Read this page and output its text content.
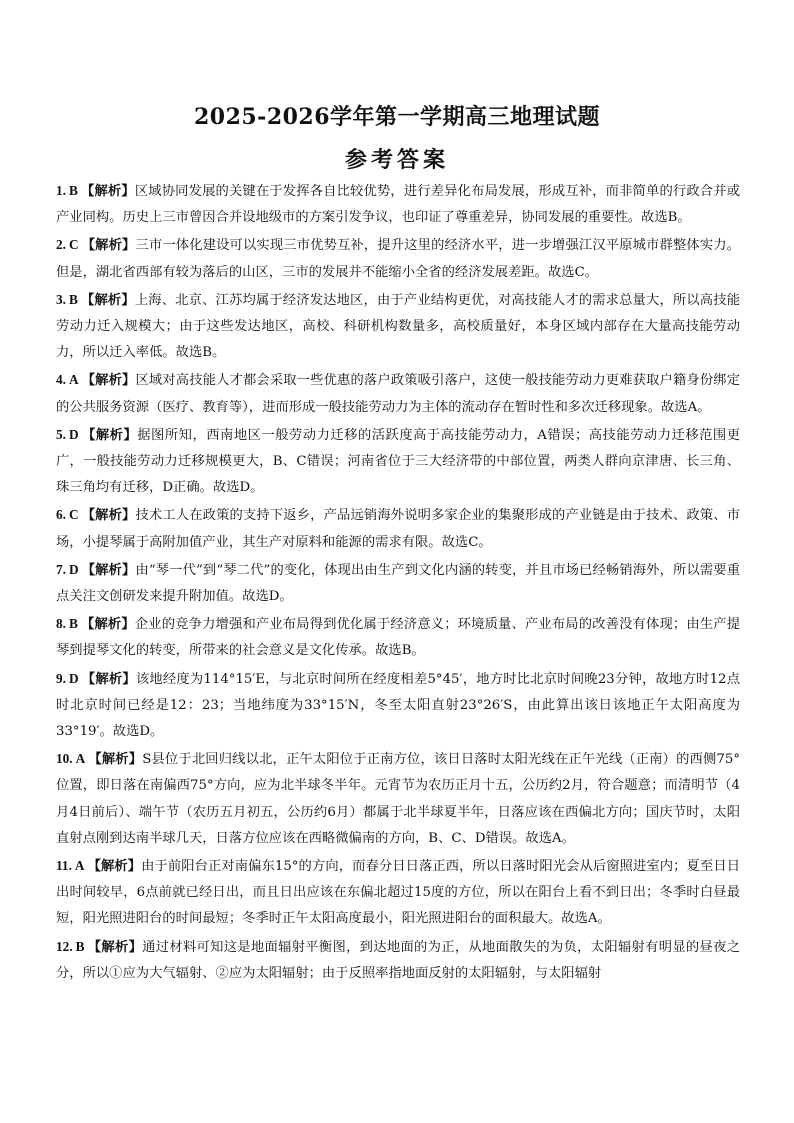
2025-2026学年第一学期高三地理试题
参考答案

1. B 【解析】区域协同发展的关键在于发挥各自比较优势，进行差异化布局发展，形成互补，而非简单的行政合并或产业同构。历史上三市曾因合并设地级市的方案引发争议，也印证了尊重差异，协同发展的重要性。故选B。

2. C 【解析】三市一体化建设可以实现三市优势互补，提升这里的经济水平，进一步增强江汉平原城市群整体实力。但是，湖北省西部有较为落后的山区，三市的发展并不能缩小全省的经济发展差距。故选C。

3. B 【解析】上海、北京、江苏均属于经济发达地区，由于产业结构更优，对高技能人才的需求总量大，所以高技能劳动力迁入规模大；由于这些发达地区，高校、科研机构数量多，高校质量好，本身区域内部存在大量高技能劳动力，所以迁入率低。故选B。

4. A 【解析】区域对高技能人才都会采取一些优惠的落户政策吸引落户，这使一般技能劳动力更难获取户籍身份绑定的公共服务资源（医疗、教育等），进而形成一般技能劳动力为主体的流动存在暂时性和多次迁移现象。故选A。

5. D 【解析】据图所知，西南地区一般劳动力迁移的活跃度高于高技能劳动力，A错误；高技能劳动力迁移范围更广，一般技能劳动力迁移规模更大，B、C错误；河南省位于三大经济带的中部位置，两类人群向京津唐、长三角、珠三角均有迁移，D正确。故选D。

6. C 【解析】技术工人在政策的支持下返乡，产品远销海外说明多家企业的集聚形成的产业链是由于技术、政策、市场，小提琴属于高附加值产业，其生产对原料和能源的需求有限。故选C。

7. D 【解析】由“琴一代”到“琴二代”的变化，体现出由生产到文化内涵的转变，并且市场已经畅销海外，所以需要重点关注文创研发来提升附加值。故选D。

8. B 【解析】企业的竞争力增强和产业布局得到优化属于经济意义；环境质量、产业布局的改善没有体现；由生产提琴到提琴文化的转变，所带来的社会意义是文化传承。故选B。

9. D 【解析】该地经度为114°15′E，与北京时间所在经度相差5°45′，地方时比北京时间晚23分钟，故地方时12点时北京时间已经是12：23；当地纬度为33°15′N，冬至太阳直射23°26′S，由此算出该日该地正午太阳高度为33°19′。故选D。

10. A 【解析】S县位于北回归线以北，正午太阳位于正南方位，该日日落时太阳光线在正午光线（正南）的西侧75°位置，即日落在南偏西75°方向，应为北半球冬半年。元宵节为农历正月十五，公历约2月，符合题意；而清明节（4月4日前后）、端午节（农历五月初五，公历约6月）都属于北半球夏半年，日落应该在西偏北方向；国庆节时，太阳直射点刚到达南半球几天，日落方位应该在西略微偏南的方向，B、C、D错误。故选A。

11. A 【解析】由于前阳台正对南偏东15°的方向，而春分日日落正西，所以日落时阳光会从后窗照进室内；夏至日日出时间较早，6点前就已经日出，而且日出应该在东偏北超过15度的方位，所以在阳台上看不到日出；冬季时白昼最短，阳光照进阳台的时间最短；冬季时正午太阳高度最小，阳光照进阳台的面积最大。故选A。

12. B 【解析】通过材料可知这是地面辐射平衡图，到达地面的为正，从地面散失的为负，太阳辐射有明显的昼夜之分，所以①应为大气辐射、②应为太阳辐射；由于反照率指地面反射的太阳辐射，与太阳辐射
